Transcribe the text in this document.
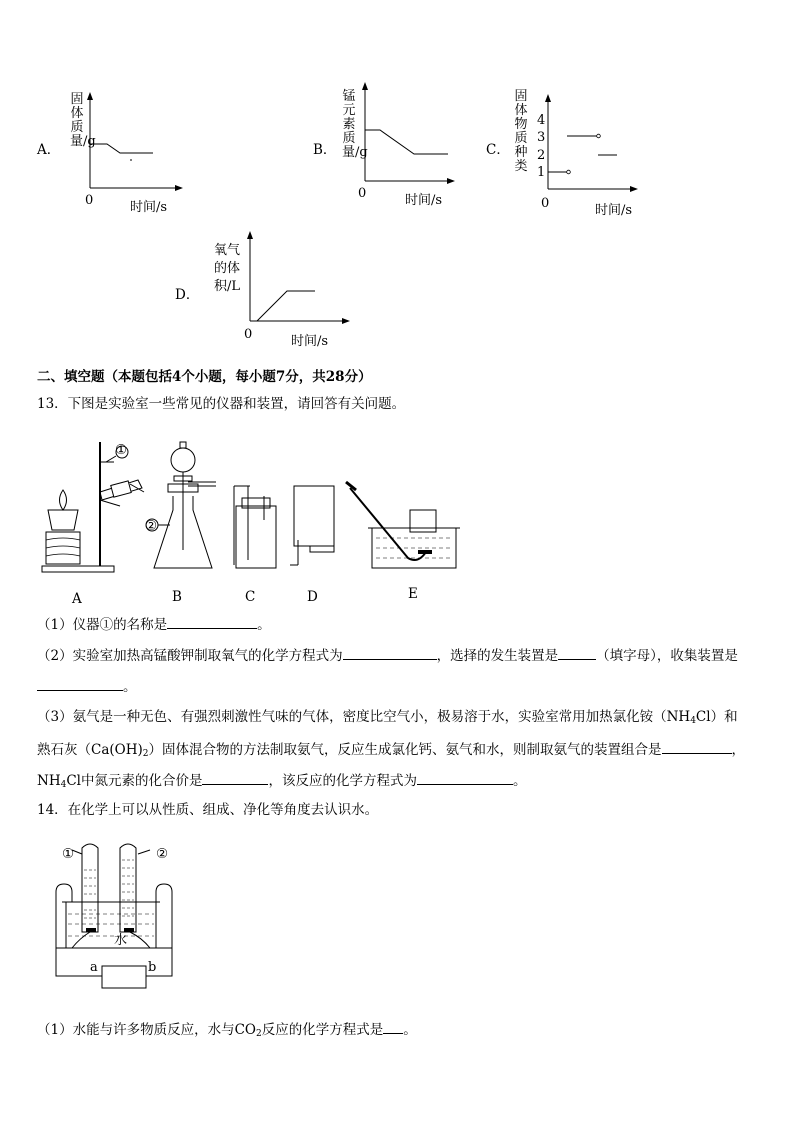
A．
固体质量/g
0	时间/s
B．
锰元素质量/g
0	时间/s
C．
固体物质种类
4
3
2
1
0	时间/s
D．
氧气
的体
积/L
0	时间/s
二、填空题（本题包括4个小题，每小题7分，共28分）
13．下图是实验室一些常见的仪器和装置，请回答有关问题。
①
②
A	B	C	D	E
（1）仪器①的名称是	。
（2）实验室加热高锰酸钾制取氧气的化学方程式为	，选择的发生装置是	（填字母），收集装置是
。
（3）氨气是一种无色、有强烈刺激性气味的气体，密度比空气小，极易溶于水，实验室常用加热氯化铵$(NH_4Cl)$和
熟石灰$(Ca(OH)_2)$固体混合物的方法制取氨气，反应生成氯化钙、氨气和水，则制取氨气的装置组合是	，
$NH_4Cl$中氮元素的化合价是	，该反应的化学方程式为	。
14．在化学上可以从性质、组成、净化等角度去认识水。
①	②
水
a	b
（1）水能与许多物质反应，水与$CO_2$反应的化学方程式是 。
